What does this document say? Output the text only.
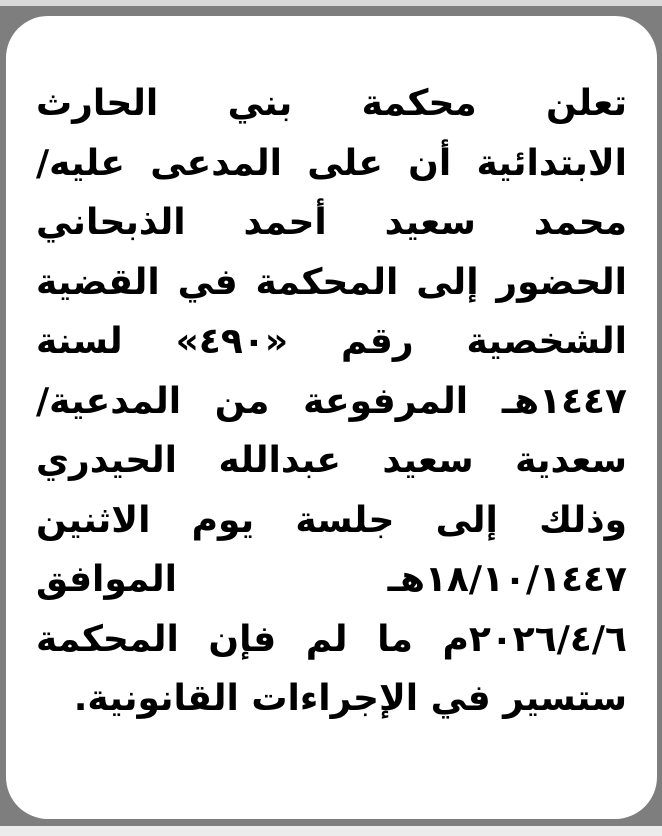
تعلن محكمة بني الحارث
الابتدائية أن على المدعى عليه/
محمد سعيد أحمد الذبحاني
الحضور إلى المحكمة في القضية
الشخصية رقم «٤٩٠» لسنة
١٤٤٧هـ المرفوعة من المدعية/
سعدية سعيد عبدالله الحيدري
وذلك إلى جلسة يوم الاثنين
١٨/١٠/١٤٤٧هـ الموافق
٢٠٢٦/٤/٦م ما لم فإن المحكمة
ستسير في الإجراءات القانونية.
